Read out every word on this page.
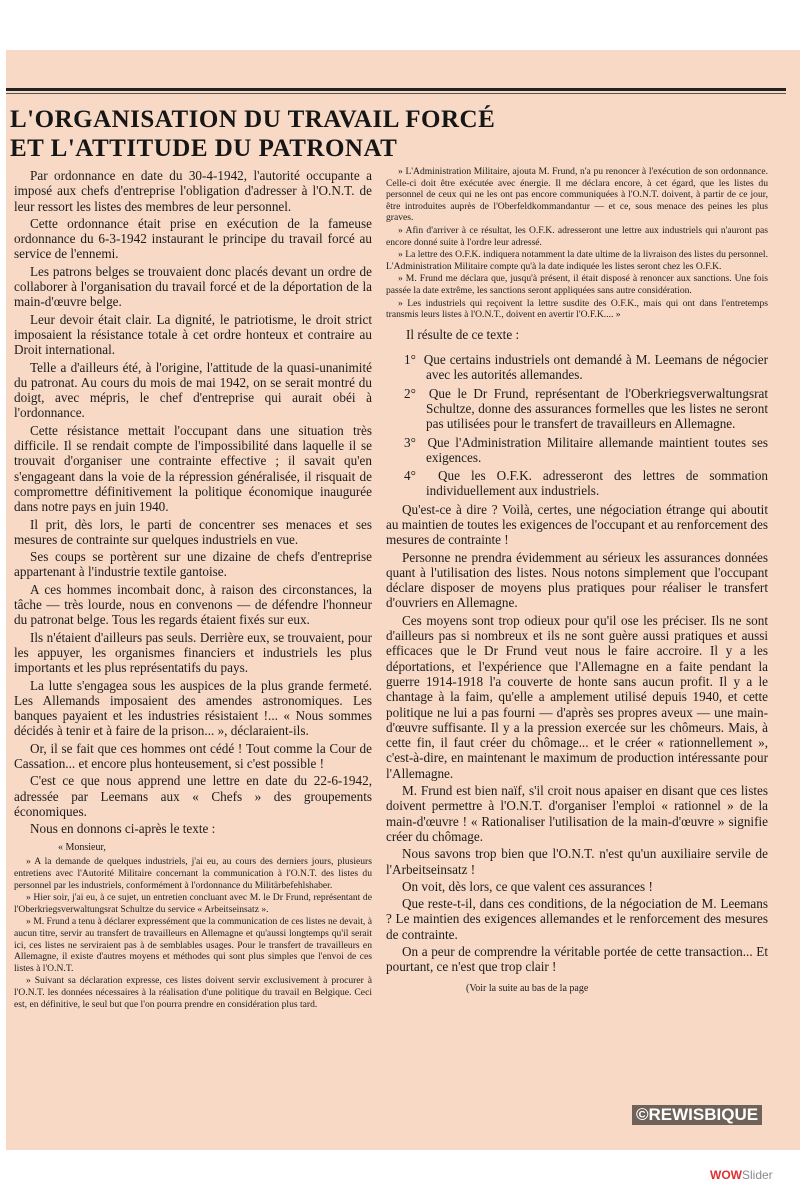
L'ORGANISATION DU TRAVAIL FORCÉ
ET L'ATTITUDE DU PATRONAT

Par ordonnance en date du 30-4-1942, l'autorité occupante a imposé aux chefs d'entreprise l'obligation d'adresser à l'O.N.T. de leur ressort les listes des membres de leur personnel.

Cette ordonnance était prise en exécution de la fameuse ordonnance du 6-3-1942 instaurant le principe du travail forcé au service de l'ennemi.

Les patrons belges se trouvaient donc placés devant un ordre de collaborer à l'organisation du travail forcé et de la déportation de la main-d'œuvre belge.

Leur devoir était clair. La dignité, le patriotisme, le droit strict imposaient la résistance totale à cet ordre honteux et contraire au Droit international.

Telle a d'ailleurs été, à l'origine, l'attitude de la quasi-unanimité du patronat. Au cours du mois de mai 1942, on se serait montré du doigt, avec mépris, le chef d'entreprise qui aurait obéi à l'ordonnance.

Cette résistance mettait l'occupant dans une situation très difficile. Il se rendait compte de l'impossibilité dans laquelle il se trouvait d'organiser une contrainte effective ; il savait qu'en s'engageant dans la voie de la répression généralisée, il risquait de compromettre définitivement la politique économique inaugurée dans notre pays en juin 1940.

Il prit, dès lors, le parti de concentrer ses menaces et ses mesures de contrainte sur quelques industriels en vue.

Ses coups se portèrent sur une dizaine de chefs d'entreprise appartenant à l'industrie textile gantoise.

A ces hommes incombait donc, à raison des circonstances, la tâche — très lourde, nous en convenons — de défendre l'honneur du patronat belge. Tous les regards étaient fixés sur eux.

Ils n'étaient d'ailleurs pas seuls. Derrière eux, se trouvaient, pour les appuyer, les organismes financiers et industriels les plus importants et les plus représentatifs du pays.

La lutte s'engagea sous les auspices de la plus grande fermeté. Les Allemands imposaient des amendes astronomiques. Les banques payaient et les industries résistaient !... « Nous sommes décidés à tenir et à faire de la prison... », déclaraient-ils.

Or, il se fait que ces hommes ont cédé ! Tout comme la Cour de Cassation... et encore plus honteusement, si c'est possible !

C'est ce que nous apprend une lettre en date du 22-6-1942, adressée par Leemans aux « Chefs » des groupements économiques.

Nous en donnons ci-après le texte :

« Monsieur,

» A la demande de quelques industriels, j'ai eu, au cours des derniers jours, plusieurs entretiens avec l'Autorité Militaire concernant la communication à l'O.N.T. des listes du personnel par les industriels, conformément à l'ordonnance du Militärbefehlshaber.

» Hier soir, j'ai eu, à ce sujet, un entretien concluant avec M. le Dr Frund, représentant de l'Oberkriegsverwaltungsrat Schultze du service « Arbeitseinsatz ».

» M. Frund a tenu à déclarer expressément que la communication de ces listes ne devait, à aucun titre, servir au transfert de travailleurs en Allemagne et qu'aussi longtemps qu'il serait ici, ces listes ne serviraient pas à de semblables usages. Pour le transfert de travailleurs en Allemagne, il existe d'autres moyens et méthodes qui sont plus simples que l'envoi de ces listes à l'O.N.T.

» Suivant sa déclaration expresse, ces listes doivent servir exclusivement à procurer à l'O.N.T. les données nécessaires à la réalisation d'une politique du travail en Belgique. Ceci est, en définitive, le seul but que l'on pourra prendre en considération plus tard.

» L'Administration Militaire, ajouta M. Frund, n'a pu renoncer à l'exécution de son ordonnance. Celle-ci doit être exécutée avec énergie. Il me déclara encore, à cet égard, que les listes du personnel de ceux qui ne les ont pas encore communiquées à l'O.N.T. doivent, à partir de ce jour, être introduites auprès de l'Oberfeldkommandantur — et ce, sous menace des peines les plus graves.

» Afin d'arriver à ce résultat, les O.F.K. adresseront une lettre aux industriels qui n'auront pas encore donné suite à l'ordre leur adressé.

» La lettre des O.F.K. indiquera notamment la date ultime de la livraison des listes du personnel. L'Administration Militaire compte qu'à la date indiquée les listes seront chez les O.F.K.

» M. Frund me déclara que, jusqu'à présent, il était disposé à renoncer aux sanctions. Une fois passée la date extrême, les sanctions seront appliquées sans autre considération.

» Les industriels qui reçoivent la lettre susdite des O.F.K., mais qui ont dans l'entretemps transmis leurs listes à l'O.N.T., doivent en avertir l'O.F.K.... »

Il résulte de ce texte :

1° Que certains industriels ont demandé à M. Leemans de négocier avec les autorités allemandes.

2° Que le Dr Frund, représentant de l'Oberkriegsverwaltungsrat Schultze, donne des assurances formelles que les listes ne seront pas utilisées pour le transfert de travailleurs en Allemagne.

3° Que l'Administration Militaire allemande maintient toutes ses exigences.

4° Que les O.F.K. adresseront des lettres de sommation individuellement aux industriels.

Qu'est-ce à dire ? Voilà, certes, une négociation étrange qui aboutit au maintien de toutes les exigences de l'occupant et au renforcement des mesures de contrainte !

Personne ne prendra évidemment au sérieux les assurances données quant à l'utilisation des listes. Nous notons simplement que l'occupant déclare disposer de moyens plus pratiques pour réaliser le transfert d'ouvriers en Allemagne.

Ces moyens sont trop odieux pour qu'il ose les préciser. Ils ne sont d'ailleurs pas si nombreux et ils ne sont guère aussi pratiques et aussi efficaces que le Dr Frund veut nous le faire accroire. Il y a les déportations, et l'expérience que l'Allemagne en a faite pendant la guerre 1914-1918 l'a couverte de honte sans aucun profit. Il y a le chantage à la faim, qu'elle a amplement utilisé depuis 1940, et cette politique ne lui a pas fourni — d'après ses propres aveux — une main-d'œuvre suffisante. Il y a la pression exercée sur les chômeurs. Mais, à cette fin, il faut créer du chômage... et le créer « rationnellement », c'est-à-dire, en maintenant le maximum de production intéressante pour l'Allemagne.

M. Frund est bien naïf, s'il croit nous apaiser en disant que ces listes doivent permettre à l'O.N.T. d'organiser l'emploi « rationnel » de la main-d'œuvre ! « Rationaliser l'utilisation de la main-d'œuvre » signifie créer du chômage.

Nous savons trop bien que l'O.N.T. n'est qu'un auxiliaire servile de l'Arbeitseinsatz !

On voit, dès lors, ce que valent ces assurances !

Que reste-t-il, dans ces conditions, de la négociation de M. Leemans ? Le maintien des exigences allemandes et le renforcement des mesures de contrainte.

On a peur de comprendre la véritable portée de cette transaction... Et pourtant, ce n'est que trop clair !

(Voir la suite au bas de la page

©REWISBIQUE
WOWSlider
